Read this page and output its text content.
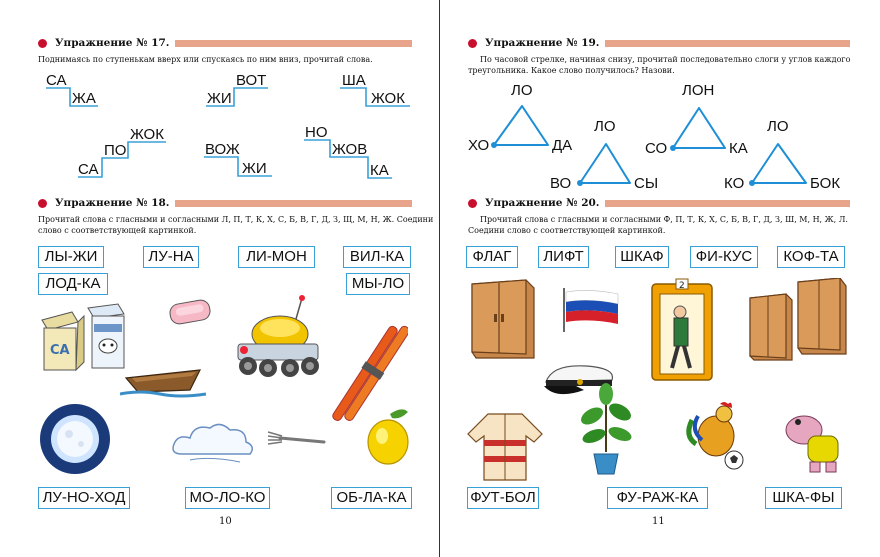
Упражнение № 17.
Поднимаясь по ступенькам вверх или спускаясь по ним вниз, прочитай слова.
СА
ЖА	ЖИ
ВОТ	ША
ЖОК
СА
ПО
ЖОК
ВОЖ
ЖИ
НО
ЖОВ
КА
Упражнение № 18.
Прочитай слова с гласными и согласными Л, П, Т, К, Х, С, Б, В, Г, Д, З, Щ, М, Н, Ж. Соедини
слово с соответствующей картинкой.
ЛЫ-ЖИ	ЛУ-НА	ЛИ-МОН	ВИЛ-КА
ЛОД-КА	МЫ-ЛО
CA
ЛУ-НО-ХОД	МО-ЛО-КО	ОБ-ЛА-КА
10
Упражнение № 19.
По часовой стрелке, начиная снизу, прочитай последовательно слоги у углов каждого
треугольника. Какое слово получилось? Назови.
ХО
ЛО
ДА
ВО
ЛО
СЫ
СО
ЛОН
КА
КО
ЛО
БОК
Упражнение № 20.
Прочитай слова с гласными и согласными Ф, П, Т, К, Х, С, Б, В, Г, Д, З, Ш, М, Н, Ж, Л.
Соедини слово с соответствующей картинкой.
ФЛАГ	ЛИФТ	ШКАФ	ФИ-КУС	КОФ-ТА
2
ФУТ-БОЛ	ФУ-РАЖ-КА	ШКА-ФЫ
11
